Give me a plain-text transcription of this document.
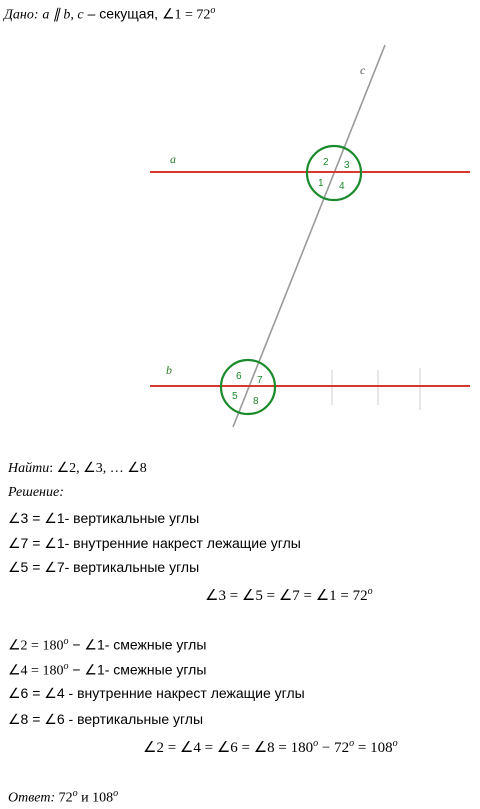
Дано: a ∥ b, c – секущая, ∠1 = $72^o$
a
b
c
1
2 3
4
5
6 7
8
Найти: ∠2, ∠3, … ∠8
Решение:
∠3 = ∠1- вертикальные углы
∠7 = ∠1- внутренние накрест лежащие углы
∠5 = ∠7- вертикальные углы
∠3 = ∠5 = ∠7 = ∠1 = $72^o$
∠2 = $180^o$ − ∠1- смежные углы
∠4 = $180^o$ − ∠1- смежные углы
∠6 = ∠4 - внутренние накрест лежащие углы
∠8 = ∠6 - вертикальные углы
∠2 = ∠4 = ∠6 = ∠8 = $180^o - 72^o = 108^o$
Ответ: 72$^o$ и 108$^o$
